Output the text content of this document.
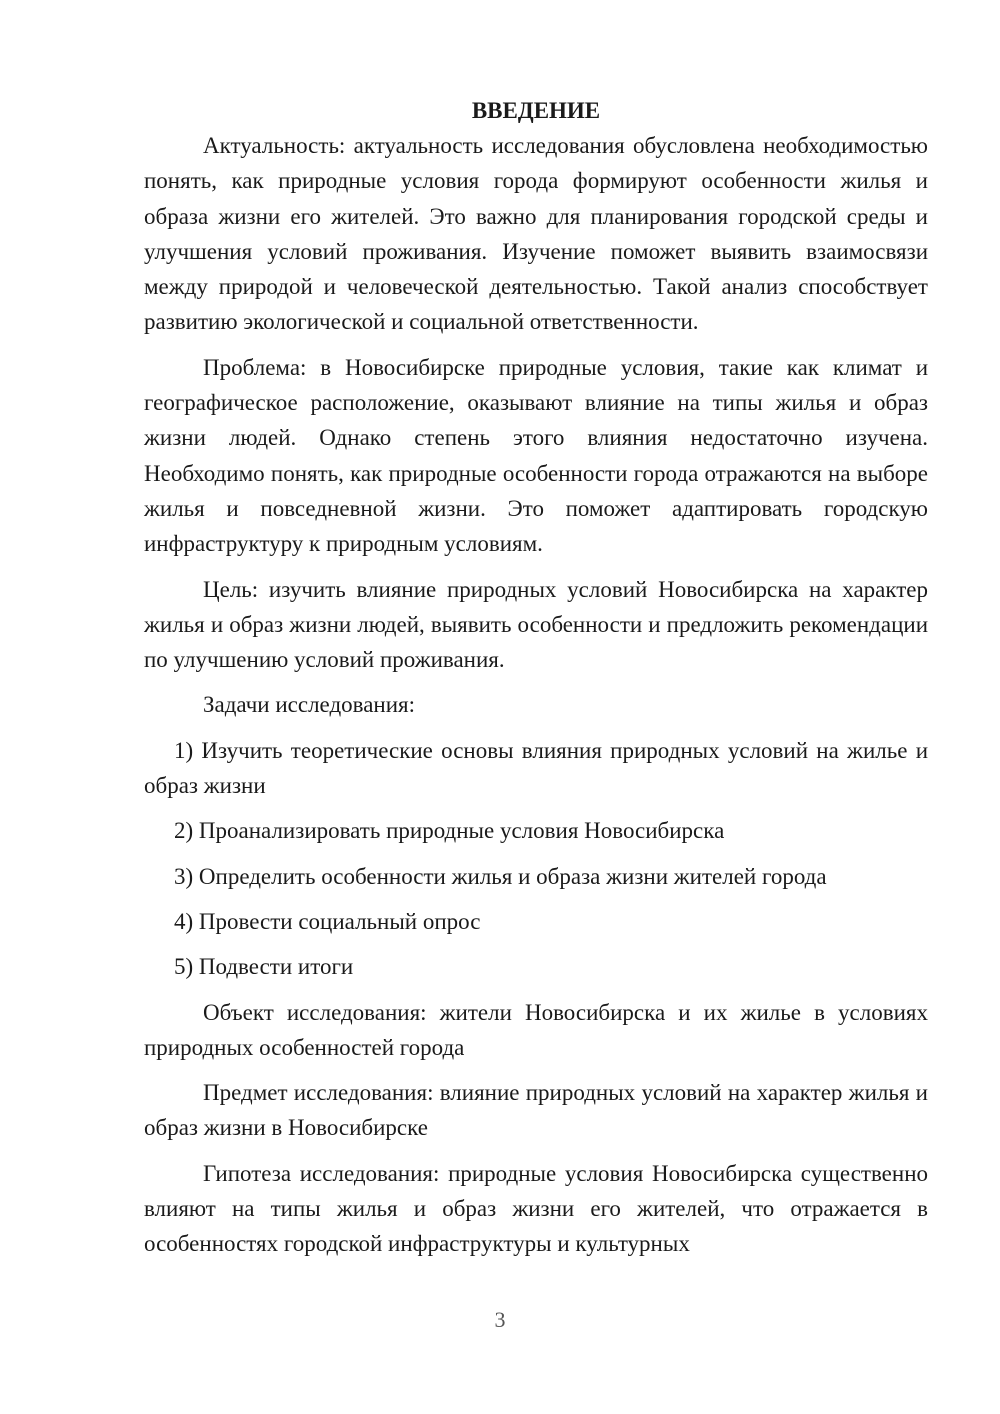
ВВЕДЕНИЕ

Актуальность: актуальность исследования обусловлена необходимостью понять, как природные условия города формируют особенности жилья и образа жизни его жителей. Это важно для планирования городской среды и улучшения условий проживания. Изучение поможет выявить взаимосвязи между природой и человеческой деятельностью. Такой анализ способствует развитию экологической и социальной ответственности.

Проблема: в Новосибирске природные условия, такие как климат и географическое расположение, оказывают влияние на типы жилья и образ жизни людей. Однако степень этого влияния недостаточно изучена. Необходимо понять, как природные особенности города отражаются на выборе жилья и повседневной жизни. Это поможет адаптировать городскую инфраструктуру к природным условиям.

Цель: изучить влияние природных условий Новосибирска на характер жилья и образ жизни людей, выявить особенности и предложить рекомендации по улучшению условий проживания.

Задачи исследования:

1) Изучить теоретические основы влияния природных условий на жилье и образ жизни

2) Проанализировать природные условия Новосибирска

3) Определить особенности жилья и образа жизни жителей города

4) Провести социальный опрос

5) Подвести итоги

Объект исследования: жители Новосибирска и их жилье в условиях природных особенностей города

Предмет исследования: влияние природных условий на характер жилья и образ жизни в Новосибирске

Гипотеза исследования: природные условия Новосибирска существенно влияют на типы жилья и образ жизни его жителей, что отражается в особенностях городской инфраструктуры и культурных

3
